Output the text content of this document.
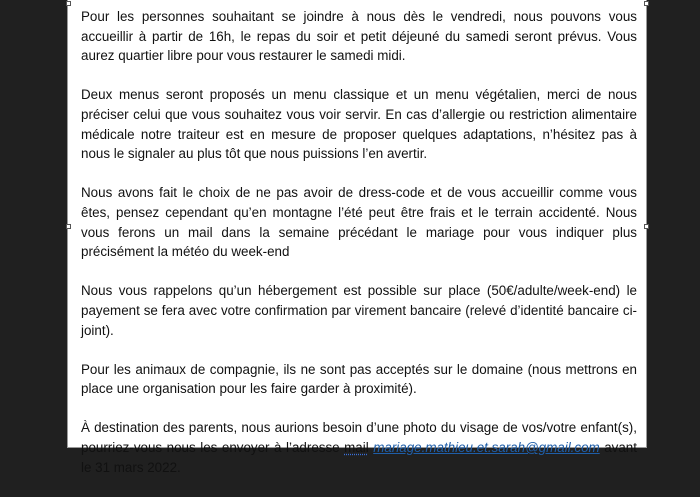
Pour les personnes souhaitant se joindre à nous dès le vendredi, nous pouvons vous accueillir à partir de 16h, le repas du soir et petit déjeuné du samedi seront prévus. Vous aurez quartier libre pour vous restaurer le samedi midi.

Deux menus seront proposés un menu classique et un menu végétalien, merci de nous préciser celui que vous souhaitez vous voir servir. En cas d’allergie ou restriction alimentaire médicale notre traiteur est en mesure de proposer quelques adaptations, n’hésitez pas à nous le signaler au plus tôt que nous puissions l’en avertir.

Nous avons fait le choix de ne pas avoir de dress-code et de vous accueillir comme vous êtes, pensez cependant qu’en montagne l’été peut être frais et le terrain accidenté. Nous vous ferons un mail dans la semaine précédant le mariage pour vous indiquer plus précisément la météo du week-end

Nous vous rappelons qu’un hébergement est possible sur place (50€/adulte/week-end) le payement se fera avec votre confirmation par virement bancaire (relevé d’identité bancaire ci-joint).

Pour les animaux de compagnie, ils ne sont pas acceptés sur le domaine (nous mettrons en place une organisation pour les faire garder à proximité).

À destination des parents, nous aurions besoin d’une photo du visage de vos/votre enfant(s), pourriez-vous nous les envoyer à l’adresse mail mariage.mathieu.et.sarah@gmail.com avant le 31 mars 2022.
